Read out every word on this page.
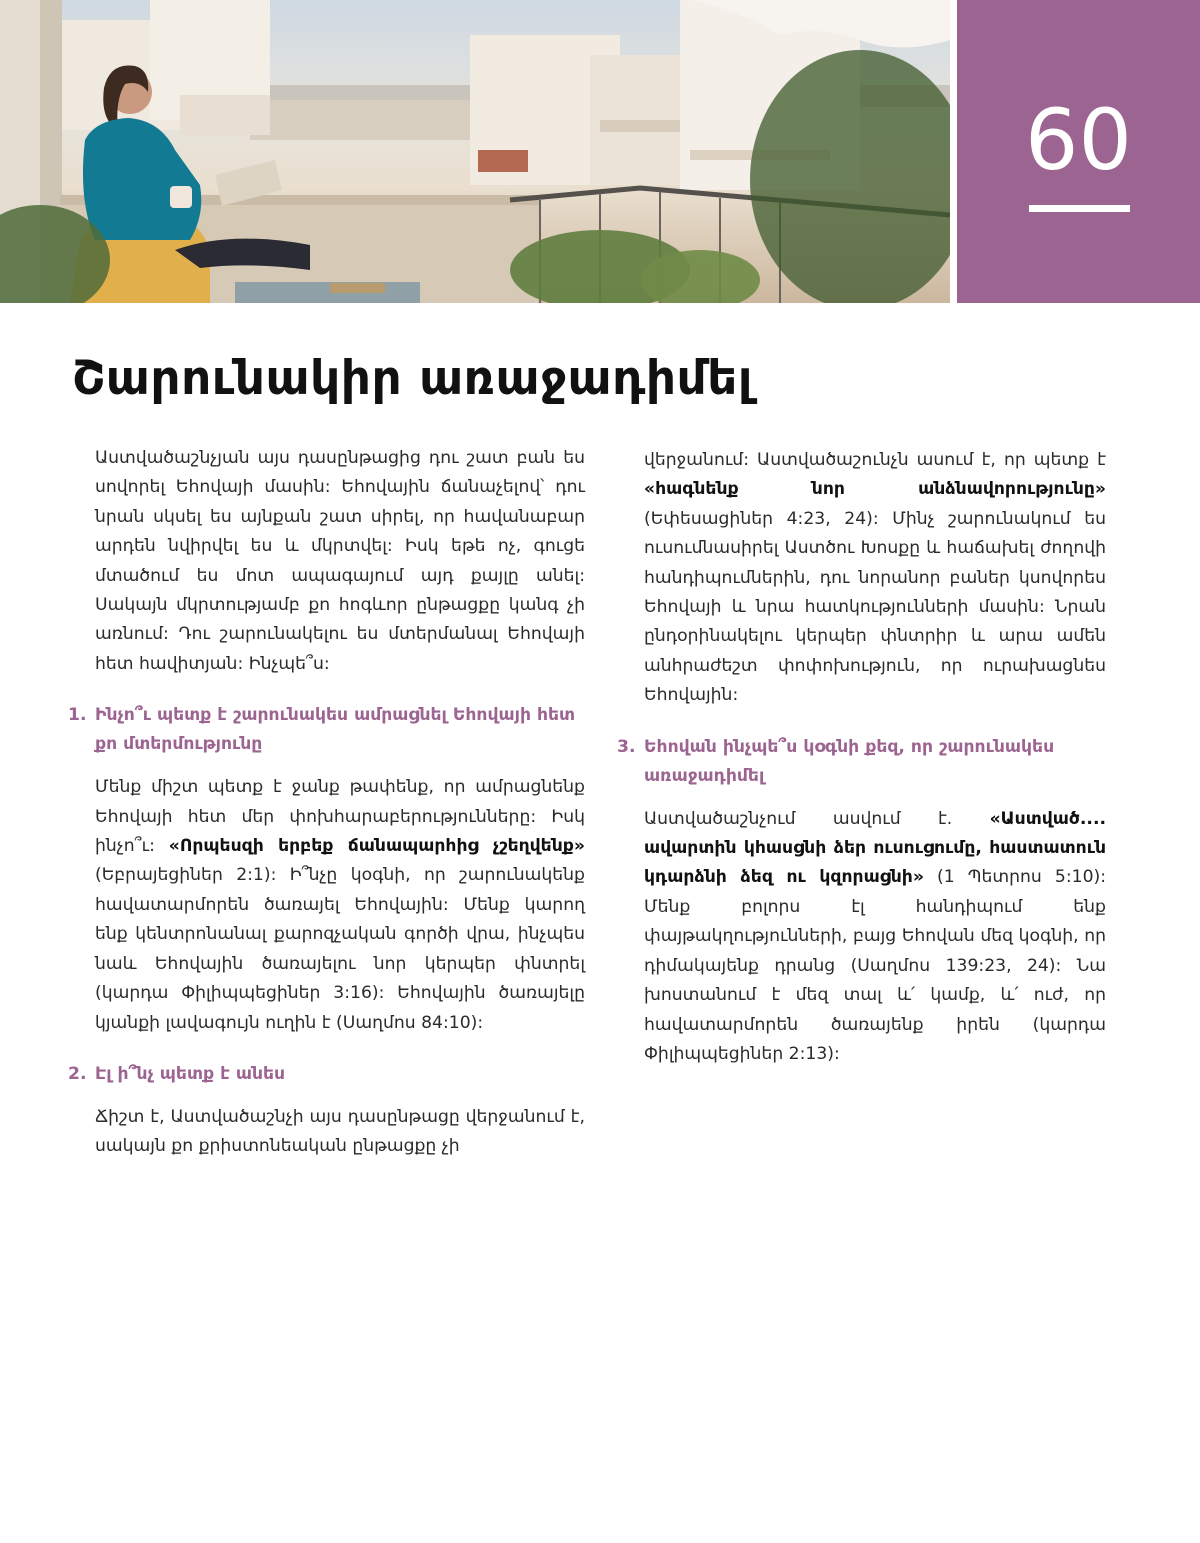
60
Շարունակիր առաջադիմել

Աստվածաշնչյան այս դասընթացից դու շատ բան ես սովորել Եհովայի մասին: Եհովային ճանաչելով՝ դու նրան սկսել ես այնքան շատ սիրել, որ հավանաբար արդեն նվիրվել ես և մկրտվել: Իսկ եթե ոչ, գուցե մտածում ես մոտ ապագայում այդ քայլը անել: Սակայն մկրտությամբ քո հոգևոր ընթացքը կանգ չի առնում: Դու շարունակելու ես մտերմանալ Եհովայի հետ հավիտյան: Ինչպե՞ս:

1. Ինչո՞ւ պետք է շարունակես ամրացնել Եհովայի հետ քո մտերմությունը

Մենք միշտ պետք է ջանք թափենք, որ ամրացնենք Եհովայի հետ մեր փոխհարաբերությունները: Իսկ ինչո՞ւ: «Որպեսզի երբեք ճանապարհից չշեղվենք» (Եբրայեցիներ 2:1): Ի՞նչը կօգնի, որ շարունակենք հավատարմորեն ծառայել Եհովային: Մենք կարող ենք կենտրոնանալ քարոզչական գործի վրա, ինչպես նաև Եհովային ծառայելու նոր կերպեր փնտրել (կարդա Փիլիպպեցիներ 3:16): Եհովային ծառայելը կյանքի լավագույն ուղին է (Սաղմոս 84:10):

2. Էլ ի՞նչ պետք է անես

Ճիշտ է, Աստվածաշնչի այս դասընթացը վերջանում է, սակայն քո քրիստոնեական ընթացքը չի

վերջանում: Աստվածաշունչն ասում է, որ պետք է «հագնենք նոր անձնավորությունը» (Եփեսացիներ 4:23, 24): Մինչ շարունակում ես ուսումնասիրել Աստծու Խոսքը և հաճախել ժողովի հանդիպումներին, դու նորանոր բաներ կսովորես Եհովայի և նրա հատկությունների մասին: Նրան ընդօրինակելու կերպեր փնտրիր և արա ամեն անհրաժեշտ փոփոխություն, որ ուրախացնես Եհովային:

3. Եհովան ինչպե՞ս կօգնի քեզ, որ շարունակես առաջադիմել

Աստվածաշնչում ասվում է. «Աստված.... ավարտին կհասցնի ձեր ուսուցումը, հաստատուն կդարձնի ձեզ ու կզորացնի» (1 Պետրոս 5:10): Մենք բոլորս էլ հանդիպում ենք փայթակղությունների, բայց Եհովան մեզ կօգնի, որ դիմակայենք դրանց (Սաղմոս 139:23, 24): Նա խոստանում է մեզ տալ և՛ կամք, և՛ ուժ, որ հավատարմորեն ծառայենք իրեն (կարդա Փիլիպպեցիներ 2:13):
